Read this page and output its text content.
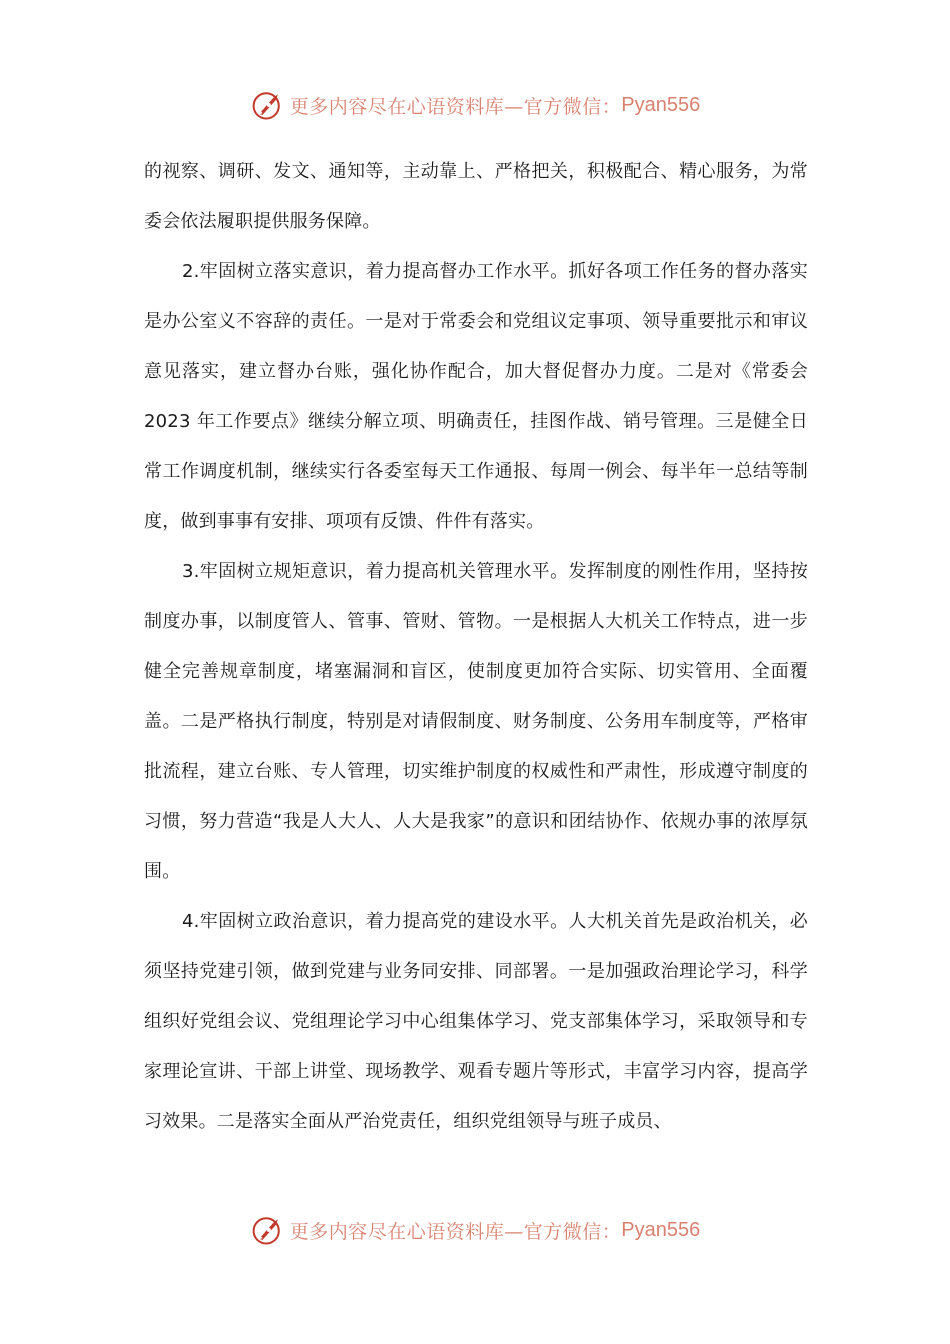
更多内容尽在心语资料库—官方微信： Pyan556

的视察、调研、发文、通知等，主动靠上、严格把关，积极配合、精心服务，为常委会依法履职提供服务保障。

2.牢固树立落实意识，着力提高督办工作水平。抓好各项工作任务的督办落实是办公室义不容辞的责任。一是对于常委会和党组议定事项、领导重要批示和审议意见落实，建立督办台账，强化协作配合，加大督促督办力度。二是对《常委会 2023 年工作要点》继续分解立项、明确责任，挂图作战、销号管理。三是健全日常工作调度机制，继续实行各委室每天工作通报、每周一例会、每半年一总结等制度，做到事事有安排、项项有反馈、件件有落实。

3.牢固树立规矩意识，着力提高机关管理水平。发挥制度的刚性作用，坚持按制度办事，以制度管人、管事、管财、管物。一是根据人大机关工作特点，进一步健全完善规章制度，堵塞漏洞和盲区，使制度更加符合实际、切实管用、全面覆盖。二是严格执行制度，特别是对请假制度、财务制度、公务用车制度等，严格审批流程，建立台账、专人管理，切实维护制度的权威性和严肃性，形成遵守制度的习惯，努力营造“我是人大人、人大是我家”的意识和团结协作、依规办事的浓厚氛围。

4.牢固树立政治意识，着力提高党的建设水平。人大机关首先是政治机关，必须坚持党建引领，做到党建与业务同安排、同部署。一是加强政治理论学习，科学组织好党组会议、党组理论学习中心组集体学习、党支部集体学习，采取领导和专家理论宣讲、干部上讲堂、现场教学、观看专题片等形式，丰富学习内容，提高学习效果。二是落实全面从严治党责任，组织党组领导与班子成员、

更多内容尽在心语资料库—官方微信： Pyan556
